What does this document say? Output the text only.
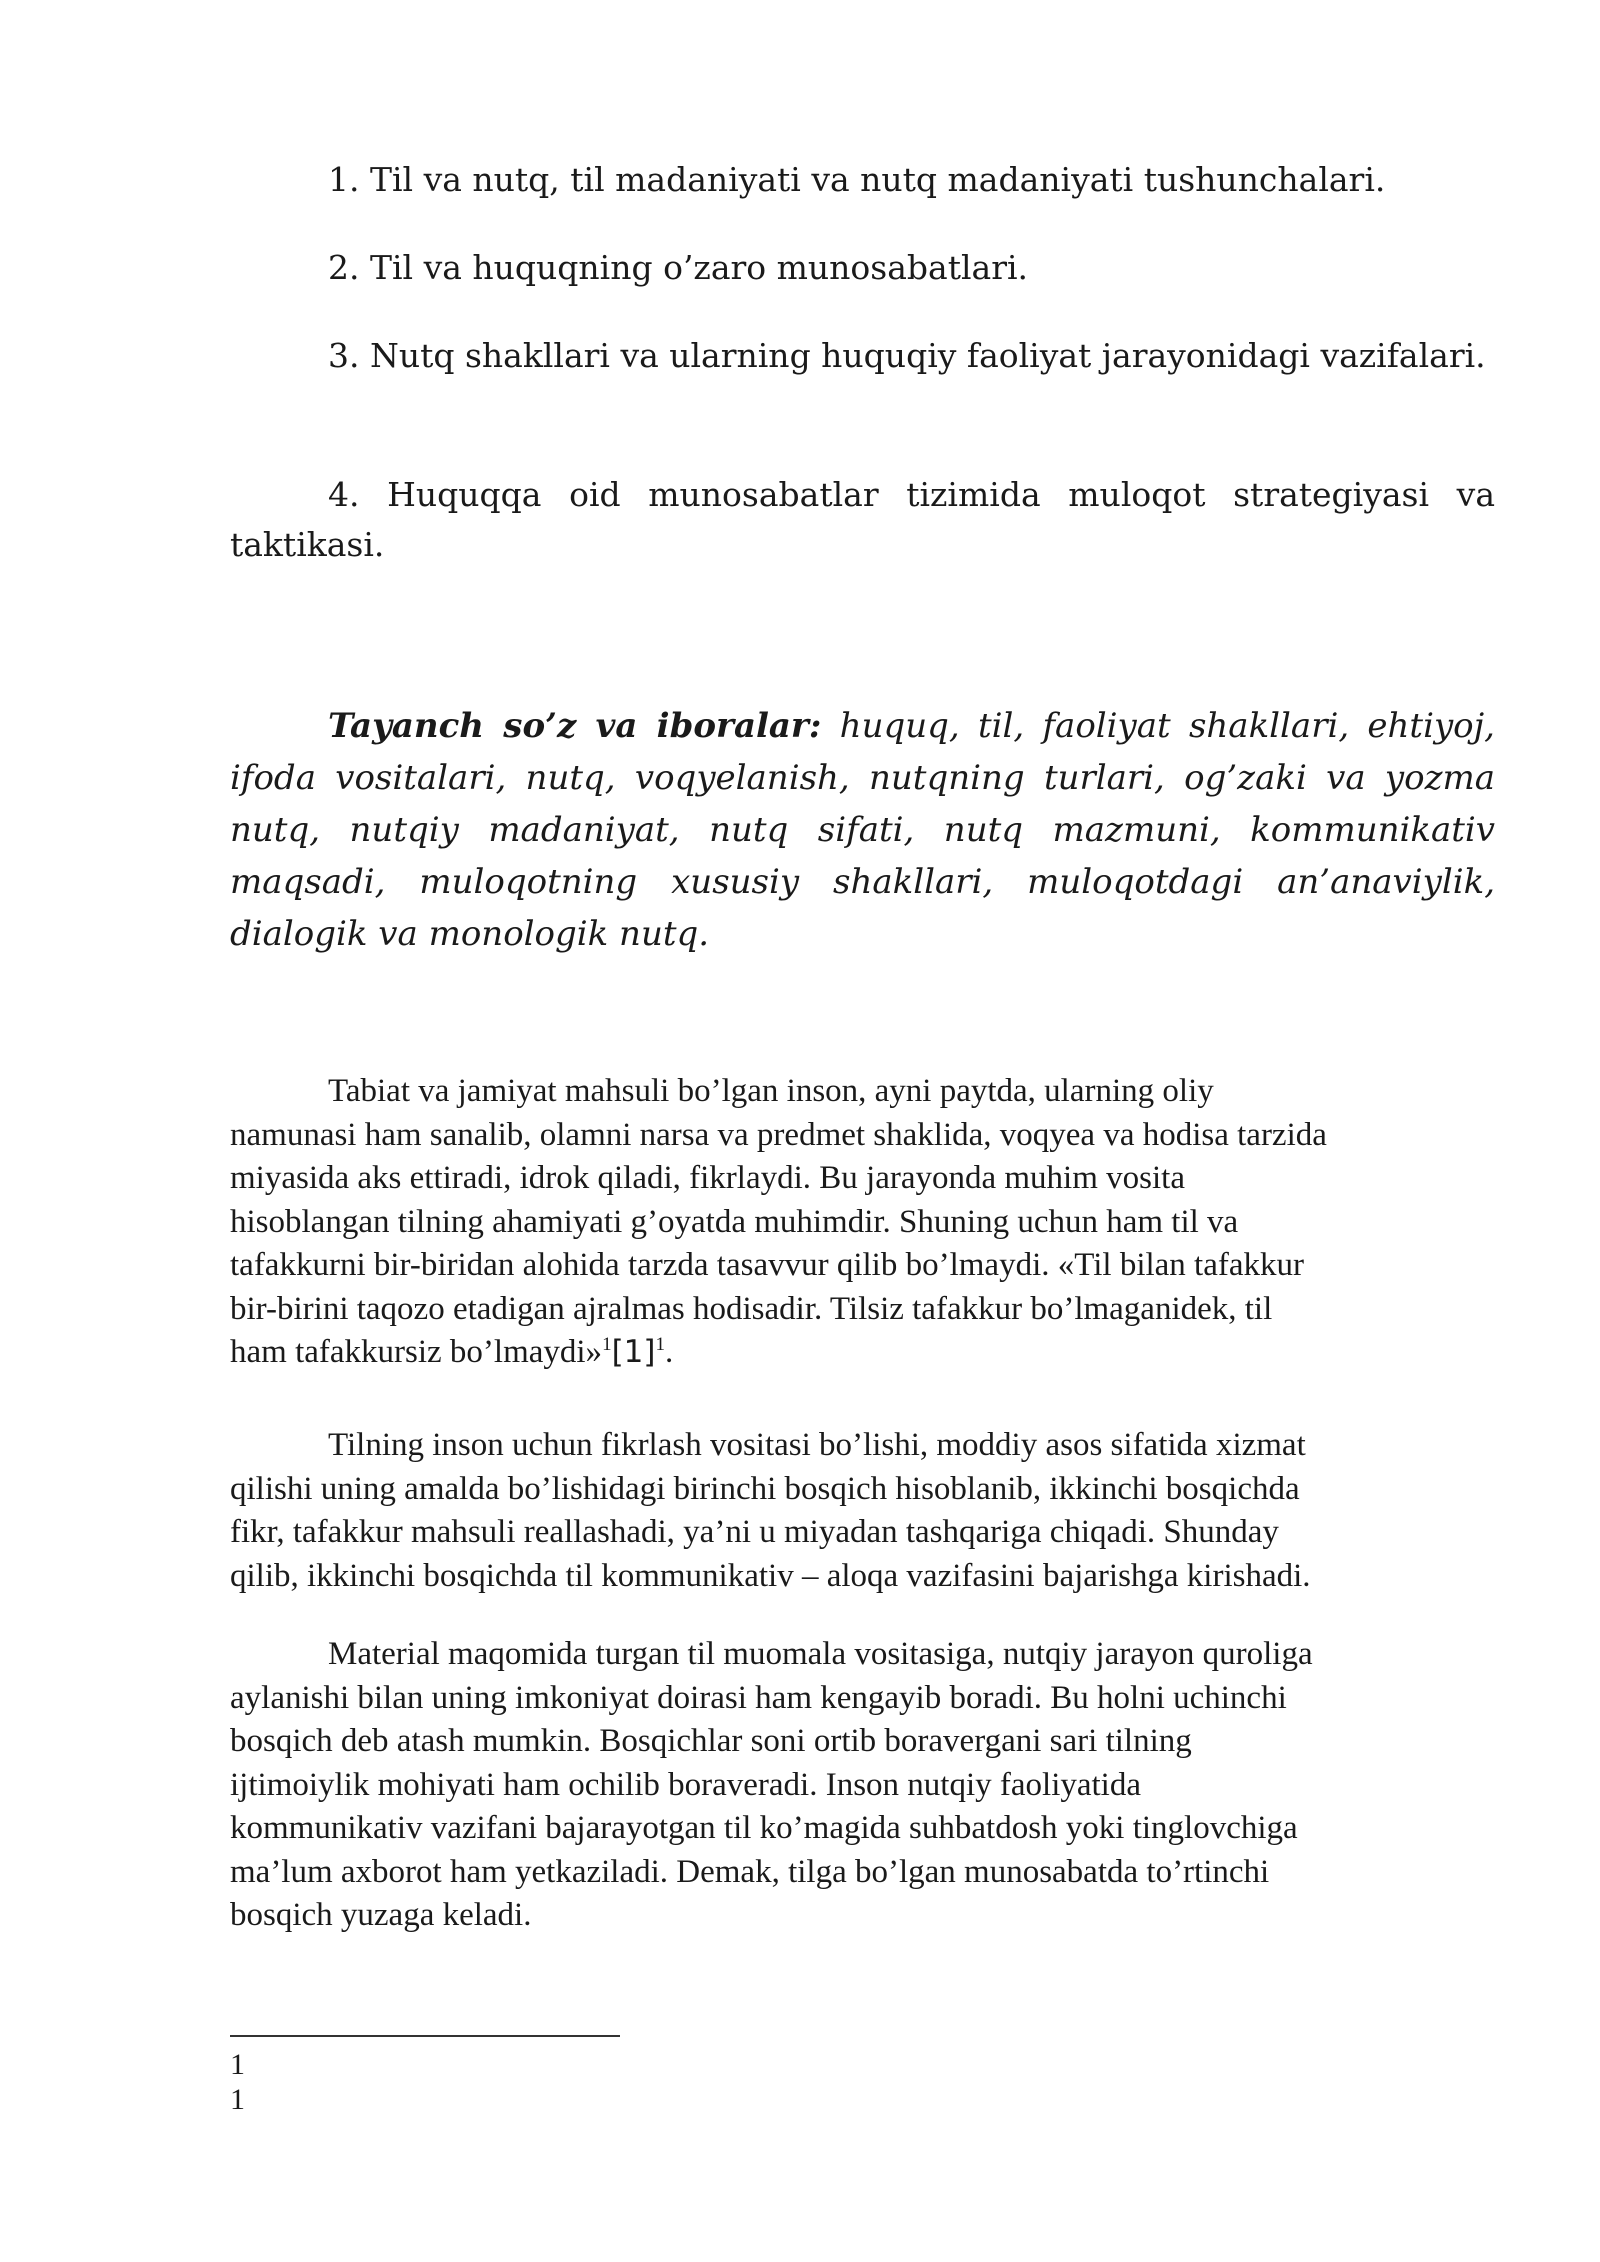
1. Til va nutq, til madaniyati va nutq madaniyati tushunchalari.

2. Til va huquqning o’zaro munosabatlari.

3. Nutq shakllari va ularning huquqiy faoliyat jarayonidagi vazifalari.

4. Huquqqa oid munosabatlar tizimida muloqot strategiyasi va taktikasi.

Tayanch so’z va iboralar: huquq, til, faoliyat shakllari, ehtiyoj, ifoda vositalari, nutq, voqyelanish, nutqning turlari, og’zaki va yozma nutq, nutqiy madaniyat, nutq sifati, nutq mazmuni, kommunikativ maqsadi, muloqotning xususiy shakllari, muloqotdagi an’anaviylik, dialogik va monologik nutq.

Tabiat va jamiyat mahsuli bo’lgan inson, ayni paytda, ularning oliy
namunasi ham sanalib, olamni narsa va predmet shaklida, voqyea va hodisa tarzida
miyasida aks ettiradi, idrok qiladi, fikrlaydi. Bu jarayonda muhim vosita
hisoblangan tilning ahamiyati g’oyatda muhimdir. Shuning uchun ham til va
tafakkurni bir-biridan alohida tarzda tasavvur qilib bo’lmaydi. «Til bilan tafakkur
bir-birini taqozo etadigan ajralmas hodisadir. Tilsiz tafakkur bo’lmaganidek, til
ham tafakkursiz bo’lmaydi»$^1$[1]$^1$.
Tilning inson uchun fikrlash vositasi bo’lishi, moddiy asos sifatida xizmat
qilishi uning amalda bo’lishidagi birinchi bosqich hisoblanib, ikkinchi bosqichda
fikr, tafakkur mahsuli reallashadi, ya’ni u miyadan tashqariga chiqadi. Shunday
qilib, ikkinchi bosqichda til kommunikativ – aloqa vazifasini bajarishga kirishadi.
Material maqomida turgan til muomala vositasiga, nutqiy jarayon quroliga
aylanishi bilan uning imkoniyat doirasi ham kengayib boradi. Bu holni uchinchi
bosqich deb atash mumkin. Bosqichlar soni ortib boravergani sari tilning
ijtimoiylik mohiyati ham ochilib boraveradi. Inson nutqiy faoliyatida
kommunikativ vazifani bajarayotgan til ko’magida suhbatdosh yoki tinglovchiga
ma’lum axborot ham yetkaziladi. Demak, tilga bo’lgan munosabatda to’rtinchi
bosqich yuzaga keladi.
1
1
